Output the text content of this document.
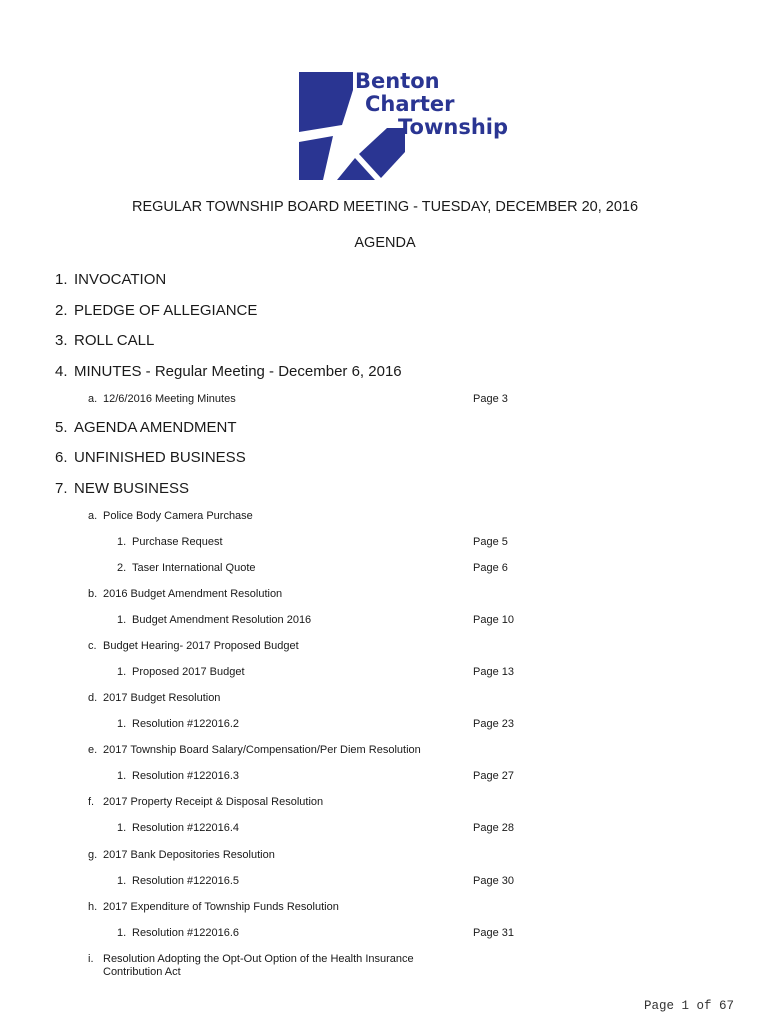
Benton
Charter
Township
REGULAR TOWNSHIP BOARD MEETING - TUESDAY, DECEMBER 20, 2016
AGENDA
1. INVOCATION
2. PLEDGE OF ALLEGIANCE
3. ROLL CALL
4. MINUTES - Regular Meeting - December 6, 2016
a. 12/6/2016 Meeting Minutes	Page 3
5. AGENDA AMENDMENT
6. UNFINISHED BUSINESS
7. NEW BUSINESS
a. Police Body Camera Purchase
1. Purchase Request	Page 5
2. Taser International Quote	Page 6
b. 2016 Budget Amendment Resolution
1. Budget Amendment Resolution 2016	Page 10
c. Budget Hearing- 2017 Proposed Budget
1. Proposed 2017 Budget	Page 13
d. 2017 Budget Resolution
1. Resolution #122016.2	Page 23
e. 2017 Township Board Salary/Compensation/Per Diem Resolution
1. Resolution #122016.3	Page 27
f. 2017 Property Receipt & Disposal Resolution
1. Resolution #122016.4	Page 28
g. 2017 Bank Depositories Resolution
1. Resolution #122016.5	Page 30
h. 2017 Expenditure of Township Funds Resolution
1. Resolution #122016.6	Page 31
i. Resolution Adopting the Opt-Out Option of the Health Insurance Contribution Act
Page 1 of 67
